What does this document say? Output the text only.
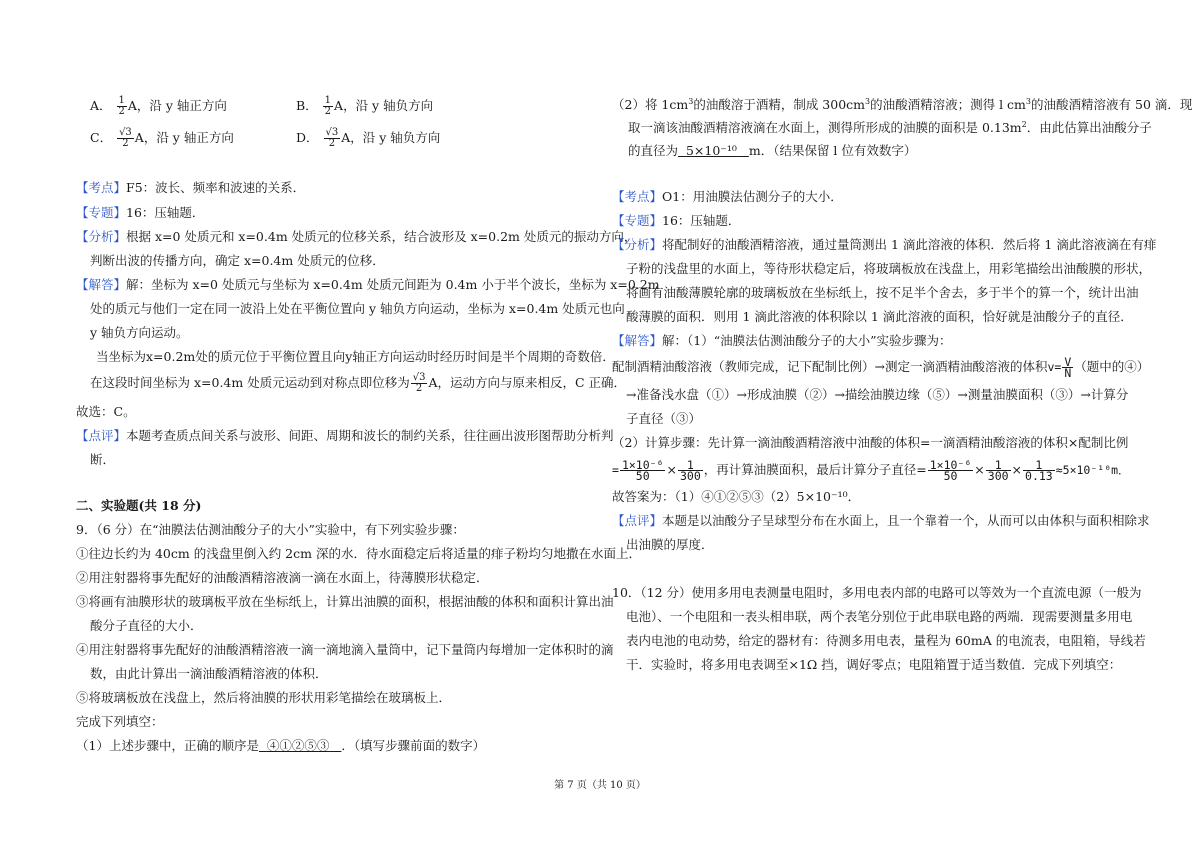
A． $\frac{1}{2}$ A，沿 y 轴正方向	B． $\frac{1}{2}$ A，沿 y 轴负方向
C． $\frac{√3}{2}$ A，沿 y 轴正方向	D． $\frac{√3}{2}$ A，沿 y 轴负方向
【考点】F5：波长、频率和波速的关系．
【专题】16：压轴题．
【分析】根据 x=0 处质元和 x=0.4m 处质元的位移关系，结合波形及 x=0.2m 处质元的振动方向，
判断出波的传播方向，确定 x=0.4m 处质元的位移．
【解答】解：坐标为 x=0 处质元与坐标为 x=0.4m 处质元间距为 0.4m 小于半个波长，坐标为 x=0.2m
处的质元与他们一定在同一波沿上处在平衡位置向 y 轴负方向运动，坐标为 x=0.4m 处质元也向
y 轴负方向运动。
当坐标为x=0.2m处的质元位于平衡位置且向y轴正方向运动时经历时间是半个周期的奇数倍．
在这段时间坐标为 x=0.4m 处质元运动到对称点即位移为 $\frac{√3}{2}$ A，运动方向与原来相反，C 正确．
故选：C。
【点评】本题考查质点间关系与波形、间距、周期和波长的制约关系，往往画出波形图帮助分析判
断．
二、实验题(共 18 分)
9．（6 分）在“油膜法估测油酸分子的大小”实验中，有下列实验步骤：
①往边长约为 40cm 的浅盘里倒入约 2cm 深的水．待水面稳定后将适量的痱子粉均匀地撒在水面上．
②用注射器将事先配好的油酸酒精溶液滴一滴在水面上，待薄膜形状稳定．
③将画有油膜形状的玻璃板平放在坐标纸上，计算出油膜的面积，根据油酸的体积和面积计算出油
酸分子直径的大小．
④用注射器将事先配好的油酸酒精溶液一滴一滴地滴入量筒中，记下量筒内每增加一定体积时的滴
数，由此计算出一滴油酸酒精溶液的体积．
⑤将玻璃板放在浅盘上，然后将油膜的形状用彩笔描绘在玻璃板上．
完成下列填空：
（1）上述步骤中，正确的顺序是 ④①②⑤③ ．（填写步骤前面的数字）
（2）将 $1cm^3$的油酸溶于酒精，制成 $300cm^3$的油酸酒精溶液；测得 l $cm^3$的油酸酒精溶液有 50 滴．现
取一滴该油酸酒精溶液滴在水面上，测得所形成的油膜的面积是 $0.13m^2$．由此估算出油酸分子
的直径为 5×10⁻¹⁰ m．（结果保留 l 位有效数字）
【考点】O1：用油膜法估测分子的大小．
【专题】16：压轴题．
【分析】将配制好的油酸酒精溶液，通过量筒测出 1 滴此溶液的体积．然后将 1 滴此溶液滴在有痱
子粉的浅盘里的水面上，等待形状稳定后，将玻璃板放在浅盘上，用彩笔描绘出油酸膜的形状，
将画有油酸薄膜轮廓的玻璃板放在坐标纸上，按不足半个舍去，多于半个的算一个，统计出油
酸薄膜的面积．则用 1 滴此溶液的体积除以 1 滴此溶液的面积，恰好就是油酸分子的直径．
【解答】解：（1）“油膜法估测油酸分子的大小”实验步骤为：
配制酒精油酸溶液（教师完成，记下配制比例）→测定一滴酒精油酸溶液的体积$v= \frac{V}{N}$ （题中的④）
→准备浅水盘（①）→形成油膜（②）→描绘油膜边缘（⑤）→测量油膜面积（③）→计算分
子直径（③）
（2）计算步骤：先计算一滴油酸酒精溶液中油酸的体积=一滴酒精油酸溶液的体积×配制比例
= $\frac{\text{1×10⁻⁶}}{50} \times \frac{1}{300}$ ，再计算油膜面积，最后计算分子直径= $\frac{\text{1×10⁻⁶}}{50} \times \frac{1}{300} \times \frac{1}{0.13} \approx 5\times 10^{-10}m$．
故答案为：（1）④①②⑤③（2）5×10⁻¹⁰．
【点评】本题是以油酸分子呈球型分布在水面上，且一个靠着一个，从而可以由体积与面积相除求
出油膜的厚度．
10．（12 分）使用多用电表测量电阻时，多用电表内部的电路可以等效为一个直流电源（一般为
电池）、一个电阻和一表头相串联，两个表笔分别位于此串联电路的两端．现需要测量多用电
表内电池的电动势，给定的器材有：待测多用电表，量程为 60mA 的电流表，电阻箱，导线若
干．实验时，将多用电表调至×1Ω 挡，调好零点；电阻箱置于适当数值．完成下列填空：
第 7 页（共 10 页）
